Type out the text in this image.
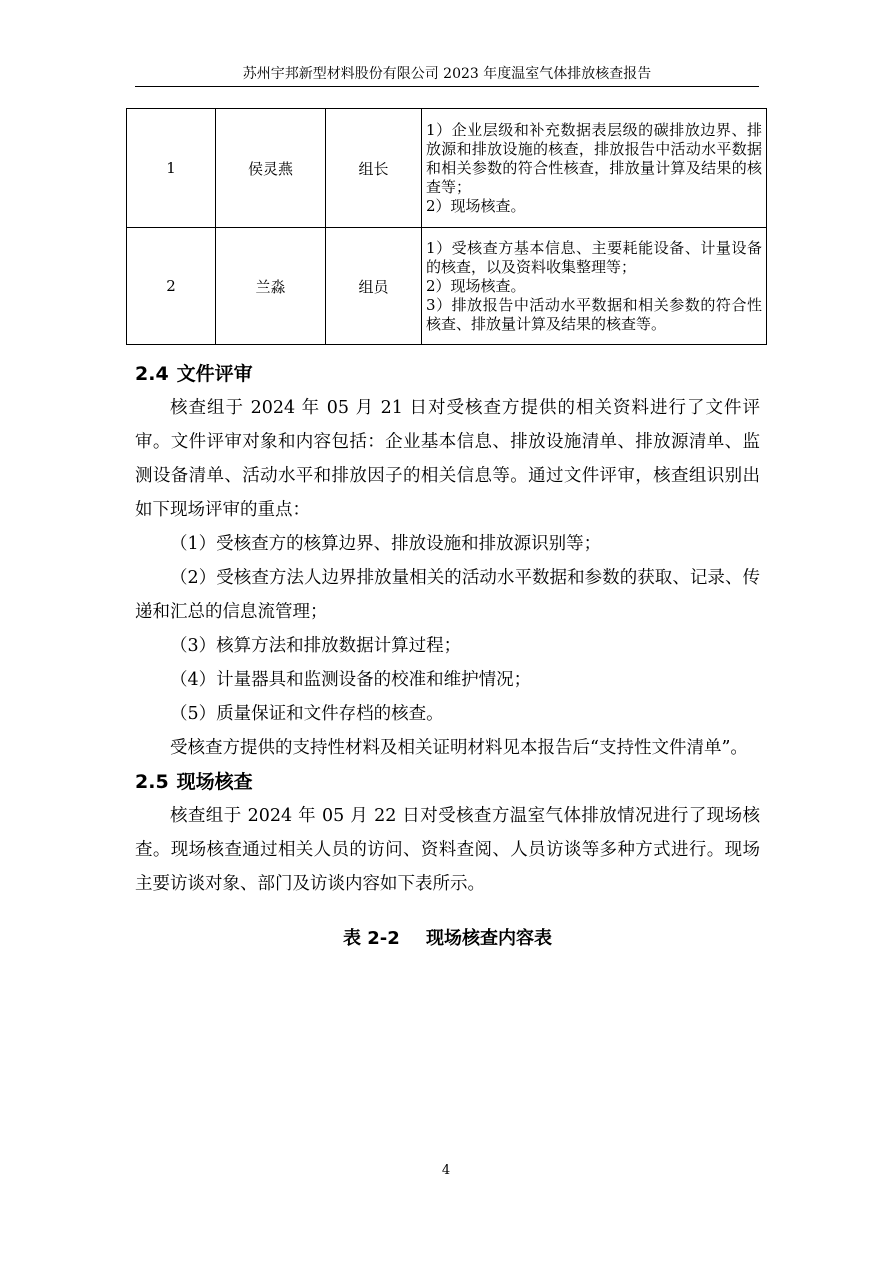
苏州宇邦新型材料股份有限公司 2023 年度温室气体排放核查报告
1	侯灵燕	组长	1）企业层级和补充数据表层级的碳排放边界、排放源和排放设施的核查，排放报告中活动水平数据和相关参数的符合性核查，排放量计算及结果的核查等；
2）现场核查。
2	兰淼	组员	1）受核查方基本信息、主要耗能设备、计量设备的核查，以及资料收集整理等；
2）现场核查。
3）排放报告中活动水平数据和相关参数的符合性核查、排放量计算及结果的核查等。
2.4 文件评审

核查组于 2024 年 05 月 21 日对受核查方提供的相关资料进行了文件评审。文件评审对象和内容包括：企业基本信息、排放设施清单、排放源清单、监测设备清单、活动水平和排放因子的相关信息等。通过文件评审，核查组识别出如下现场评审的重点：

（1）受核查方的核算边界、排放设施和排放源识别等；

（2）受核查方法人边界排放量相关的活动水平数据和参数的获取、记录、传递和汇总的信息流管理；

（3）核算方法和排放数据计算过程；

（4）计量器具和监测设备的校准和维护情况；

（5）质量保证和文件存档的核查。

受核查方提供的支持性材料及相关证明材料见本报告后“支持性文件清单”。

2.5 现场核查

核查组于 2024 年 05 月 22 日对受核查方温室气体排放情况进行了现场核查。现场核查通过相关人员的访问、资料查阅、人员访谈等多种方式进行。现场主要访谈对象、部门及访谈内容如下表所示。

表 2-2 现场核查内容表
4
